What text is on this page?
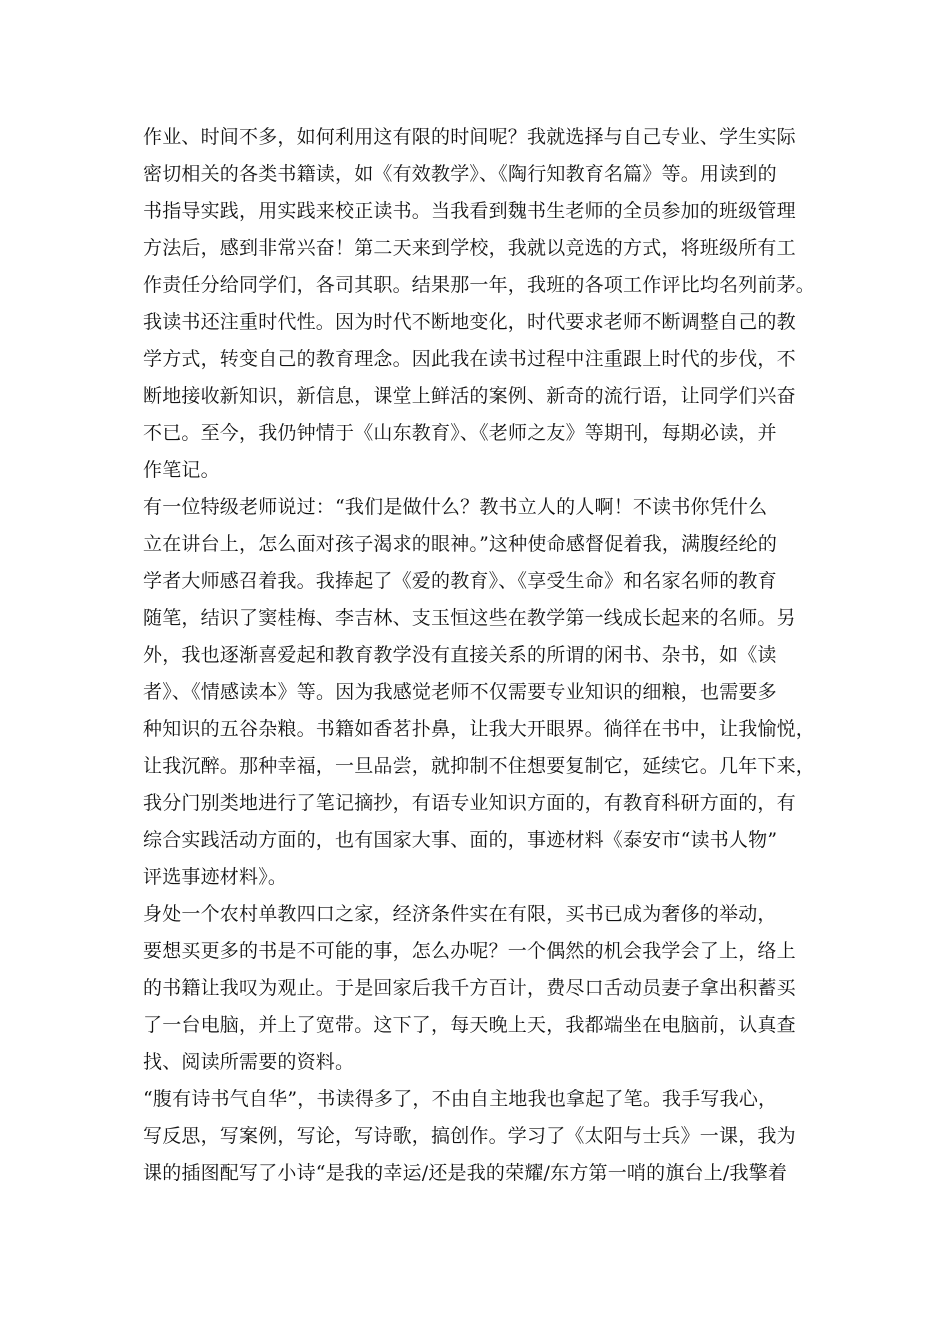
作业、时间不多，如何利用这有限的时间呢？我就选择与自己专业、学生实际
密切相关的各类书籍读，如《有效教学》、《陶行知教育名篇》等。用读到的
书指导实践，用实践来校正读书。当我看到魏书生老师的全员参加的班级管理
方法后，感到非常兴奋！第二天来到学校，我就以竞选的方式，将班级所有工
作责任分给同学们，各司其职。结果那一年，我班的各项工作评比均名列前茅。
我读书还注重时代性。因为时代不断地变化，时代要求老师不断调整自己的教
学方式，转变自己的教育理念。因此我在读书过程中注重跟上时代的步伐，不
断地接收新知识，新信息，课堂上鲜活的案例、新奇的流行语，让同学们兴奋
不已。至今，我仍钟情于《山东教育》、《老师之友》等期刊，每期必读，并
作笔记。
有一位特级老师说过：“我们是做什么？教书立人的人啊！不读书你凭什么
立在讲台上，怎么面对孩子渴求的眼神。”这种使命感督促着我，满腹经纶的
学者大师感召着我。我捧起了《爱的教育》、《享受生命》和名家名师的教育
随笔，结识了窦桂梅、李吉林、支玉恒这些在教学第一线成长起来的名师。另
外，我也逐渐喜爱起和教育教学没有直接关系的所谓的闲书、杂书，如《读
者》、《情感读本》等。因为我感觉老师不仅需要专业知识的细粮，也需要多
种知识的五谷杂粮。书籍如香茗扑鼻，让我大开眼界。徜徉在书中，让我愉悦，
让我沉醉。那种幸福，一旦品尝，就抑制不住想要复制它，延续它。几年下来，
我分门别类地进行了笔记摘抄，有语专业知识方面的，有教育科研方面的，有
综合实践活动方面的，也有国家大事、面的，事迹材料《泰安市“读书人物”
评选事迹材料》。
身处一个农村单教四口之家，经济条件实在有限，买书已成为奢侈的举动，
要想买更多的书是不可能的事，怎么办呢？一个偶然的机会我学会了上，络上
的书籍让我叹为观止。于是回家后我千方百计，费尽口舌动员妻子拿出积蓄买
了一台电脑，并上了宽带。这下了，每天晚上天，我都端坐在电脑前，认真查
找、阅读所需要的资料。
“腹有诗书气自华”，书读得多了，不由自主地我也拿起了笔。我手写我心，
写反思，写案例，写论，写诗歌，搞创作。学习了《太阳与士兵》一课，我为
课的插图配写了小诗“是我的幸运/还是我的荣耀/东方第一哨的旗台上/我擎着
